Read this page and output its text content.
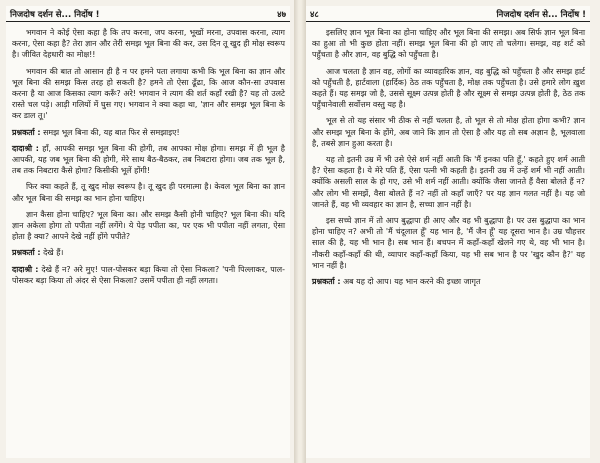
निजदोष दर्शन से... निर्दोष !	४७

भगवान ने कोई ऐसा कहा है कि तप करना, जप करना, भूखों मरना, उपवास करना, त्याग करना, ऐसा कहा है? तेरा ज्ञान और तेरी समझ भूल बिना की कर, उस दिन तू खुद ही मोक्ष स्वरूप है। जीवित देहधारी का मोक्ष!!

भगवान की बात तो आसान ही है न पर हमने पता लगाया कभी कि भूल बिना का ज्ञान और भूल बिना की समझ किस तरह हो सकती है? हमने तो ऐसा ढूँढा, कि आज कौन-सा उपवास करना है या आज किसका त्याग करूँ? अरे! भगवान ने त्याग की शर्त कहाँ रखी है? यह तो उलटे रास्ते चल पड़े। आड़ी गलियों में घुस गए। भगवान ने क्या कहा था, 'ज्ञान और समझ भूल बिना के कर डाल तू।'

प्रश्नकर्ता : समझ भूल बिना की, यह बात फिर से समझाइए!

दादाश्री : हाँ, आपकी समझ भूल बिना की होगी, तब आपका मोक्ष होगा। समझ में ही भूल है आपकी, यह जब भूल बिना की होगी, मेरे साथ बैठ-बैठकर, तब निबटारा होगा। जब तक भूल है, तब तक निबटारा कैसे होगा? किसीकी भूलें होंगी!

फिर क्या कहते हैं, तू खुद मोक्ष स्वरूप है। तू खुद ही परमात्मा है। केवल भूल बिना का ज्ञान और भूल बिना की समझ का भान होना चाहिए।

ज्ञान कैसा होना चाहिए? भूल बिना का। और समझ कैसी होनी चाहिए? भूल बिना की। यदि ज्ञान अकेला होगा तो पपीता नहीं लगेंगे। ये पेड़ पपीता का, पर एक भी पपीता नहीं लगता, ऐसा होता है क्या? आपने देखे नहीं होंगे पपीते?

प्रश्नकर्ता : देखे हैं।

दादाश्री : देखे हैं न? अरे मुए! पाल-पोसकर बड़ा किया तो ऐसा निकला? 'पनी पिल्लाकर, पाल-पोसकर बड़ा किया तो अंदर से ऐसा निकला? उसमें पपीता ही नहीं लगता।

४८	निजदोष दर्शन से... निर्दोष !

इसलिए ज्ञान भूल बिना का होना चाहिए और भूल बिना की समझ। अब सिर्फ ज्ञान भूल बिना का हुआ तो भी कुछ होता नहीं। समझ भूल बिना की हो जाए तो चलेगा। समझ, वह शर्ट को पहुँचता है और ज्ञान, वह बुद्धि को पहुँचता है।

आज चलता है ज्ञान वह, लोगों का व्यावहारिक ज्ञान, वह बुद्धि को पहुँचता है और समझ हार्ट को पहुँचती है, हार्टवाला (हार्दिक) ठेठ तक पहुँचता है, मोक्ष तक पहुँचता है। उसे हमारे लोग ख़ुश कहते हैं। यह समझ जो है, उससे सूक्ष्म उत्पन्न होती है और सूक्ष्म से समझ उत्पन्न होती है, ठेठ तक पहुँचानेवाली सर्वोत्तम वस्तु यह है।

भूल से तो यह संसार भी ठीक से नहीं चलता है, तो भूल से तो मोक्ष होता होगा कभी? ज्ञान और समझ भूल बिना के होंगे, अब जाने कि ज्ञान तो ऐसा है और यह तो सब अज्ञान है, भूलवाला है, तबसे ज्ञान हुआ करता है।

यह तो इतनी उम्र में भी उसे ऐसे शर्म नहीं आती कि 'मैं इनका पति हूँ,' कहते हुए शर्म आती है? ऐसा कहता है। ये मेरे पति हैं, ऐसा पत्नी भी कहती है। इतनी उम्र में उन्हें शर्म भी नहीं आती। क्योंकि असली साल के हो गए, उसे भी शर्म नहीं आती। क्योंकि जैसा जानते हैं वैसा बोलते हैं न? और लोग भी समझें, वैसा बोलते हैं न? नहीं तो कहाँ जाएँ? पर यह ज्ञान गलत नहीं है। यह जो जानते हैं, वह भी व्यवहार का ज्ञान है, सच्चा ज्ञान नहीं है।

इस सच्चे ज्ञान में तो आप बुद्धापा ही आए और वह भी बुद्धापा है। पर उस बुद्धापा का भान होना चाहिए न? अभी तो 'मैं चंदूलाल हूँ' यह भान है, 'मैं जैन हूँ' यह दूसरा भान है। उम्र चौहत्तर साल की है, यह भी भान है। सब भान हैं। बचपन में कहाँ-कहाँ खेलने गए थे, वह भी भान है। नौकरी कहाँ-कहाँ की थी, व्यापार कहाँ-कहाँ किया, यह भी सब भान है पर 'खुद कौन है?' यह भान नहीं है।

प्रश्नकर्ता : अब यह दो आप। यह भान करने की इच्छा जागृत
